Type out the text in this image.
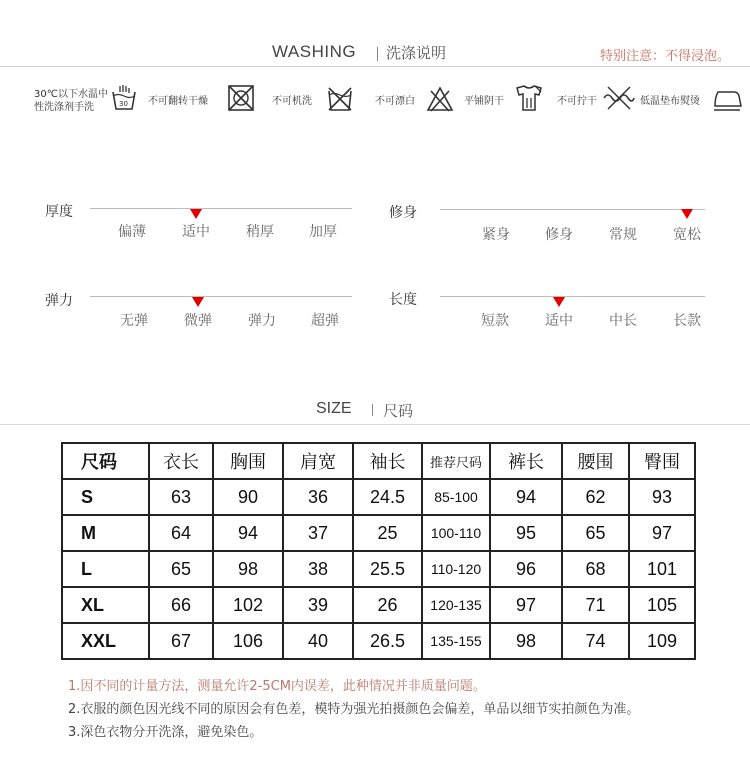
WASHING 洗涤说明	特别注意：不得浸泡。
30℃以下水温中
性洗涤剂手洗	30 不可翻转干燥	不可机洗	不可漂白	平铺阴干	不可拧干	低温垫布熨烫
厚度
偏薄	适中	稍厚	加厚
修身
紧身	修身	常规	宽松
弹力
无弹	微弹	弹力	超弹
长度
短款	适中	中长	长款
SIZE 尺码
尺码	衣长	胸围	肩宽	袖长	推荐尺码	裤长	腰围	臀围
S	63	90	36	24.5	85-100	94	62	93
M	64	94	37	25	100-110	95	65	97
L	65	98	38	25.5	110-120	96	68	101
XL	66	102	39	26	120-135	97	71	105
XXL	67	106	40	26.5	135-155	98	74	109
1.因不同的计量方法，测量允许2-5CM内误差，此种情况并非质量问题。
2.衣服的颜色因光线不同的原因会有色差，模特为强光拍摄颜色会偏差，单品以细节实拍颜色为准。
3.深色衣物分开洗涤，避免染色。
